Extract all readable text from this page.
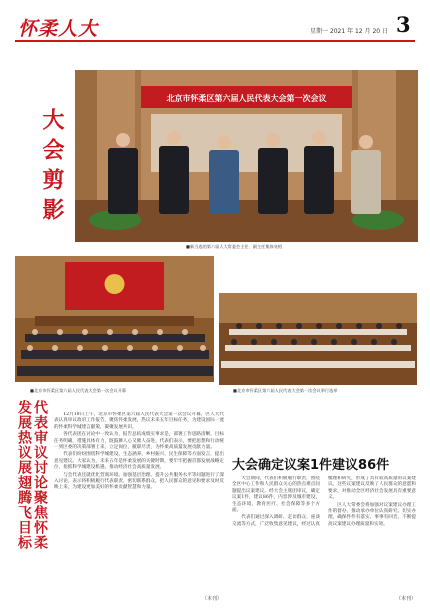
怀柔人大	星期一 2021 年 12 月 20 日 3
大会剪影
北京市怀柔区第六届人民代表大会第一次会议
■新当选的第六届人大常委会主任、副主任集体亮相
■北京市怀柔区第六届人民代表大会第一次会议开幕	■北京市怀柔区第六届人民代表大会第一次会议举行选举
发展热议展翅腾飞目标 代表审议讨论聚焦怀柔	12月18日上午，北京市怀柔区第六届人民代表大会第一次会议开幕，区人大代表认真审议政府工作报告，聚焦怀柔发展，热议未来五年目标任务，为建设国际一流的怀柔科学城建言献策，凝聚发展共识。

各代表团在讨论中一致认为，报告总结成绩实事求是，部署工作思路清晰，目标任务明确，措施具体有力，既鼓舞人心又催人奋进。代表们表示，要把思想和行动统一到区委的决策部署上来，立足岗位，履职尽责，为怀柔高质量发展贡献力量。

代表们纷纷围绕科学城建设、生态涵养、乡村振兴、民生保障等方面发言，提出意见建议。大家认为，未来五年是怀柔发展的关键时期，要牢牢把握首都发展战略定位，抢抓科学城建设机遇，推动经济社会高质量发展。

与会代表还就优化营商环境、加强基层治理、提升公共服务水平等问题进行了深入讨论，表示将积极履行代表职责，密切联系群众，把人民群众的意见和要求及时反映上来，为建设更加美好的怀柔贡献智慧和力量。

（本刊）
大会确定议案1件建议86件

大会期间，代表们积极履行职责，围绕全区中心工作和人民群众关心的热点难点问题提出议案建议。经大会主席团审议，确定议案1件，建议86件，内容涉及城市建设、生态环境、教育医疗、社会保障等多个方面。

代表们通过深入调研、走访群众、座谈交流等方式，广泛收集意见建议，经过认真梳理和研究，形成了具有较高质量的议案建议。这些议案建议反映了人民群众的意愿和要求，对推动全区经济社会发展具有重要意义。

区人大常委会将加强对议案建议办理工作的督办，推动承办单位认真研究、切实办理，确保件件有落实、事事有回音，不断提高议案建议办理质量和实效。

（本刊）
